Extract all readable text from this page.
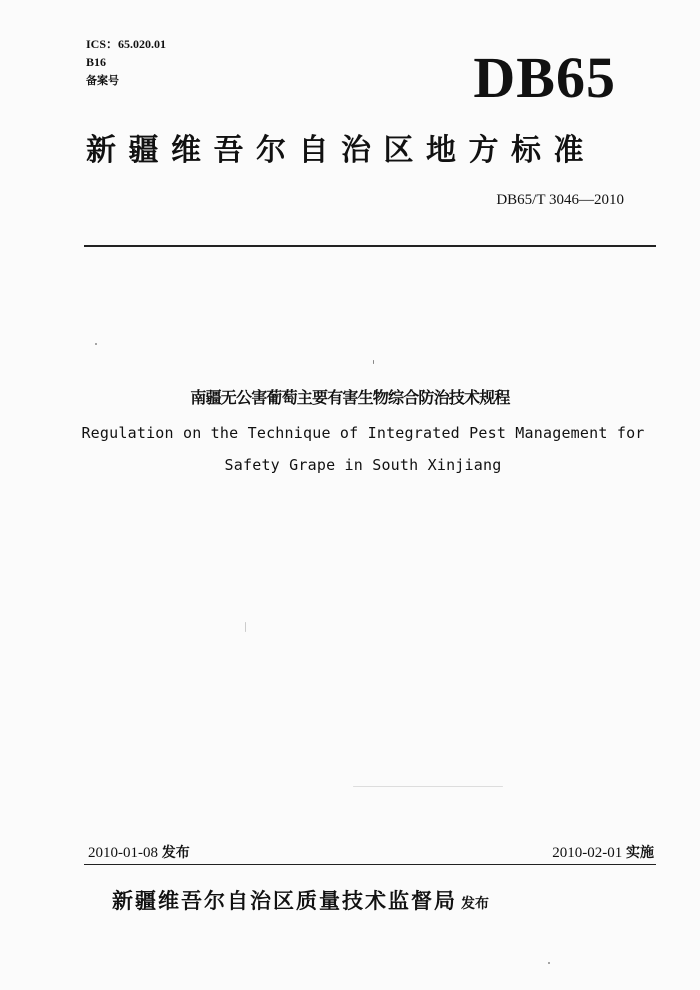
ICS：65.020.01
B16
备案号	DB65
新疆维吾尔自治区地方标准
DB65/T 3046—2010
南疆无公害葡萄主要有害生物综合防治技术规程
Regulation on the Technique of Integrated Pest Management for
Safety Grape in South Xinjiang
2010-01-08 发布	2010-02-01 实施
新疆维吾尔自治区质量技术监督局 发布
